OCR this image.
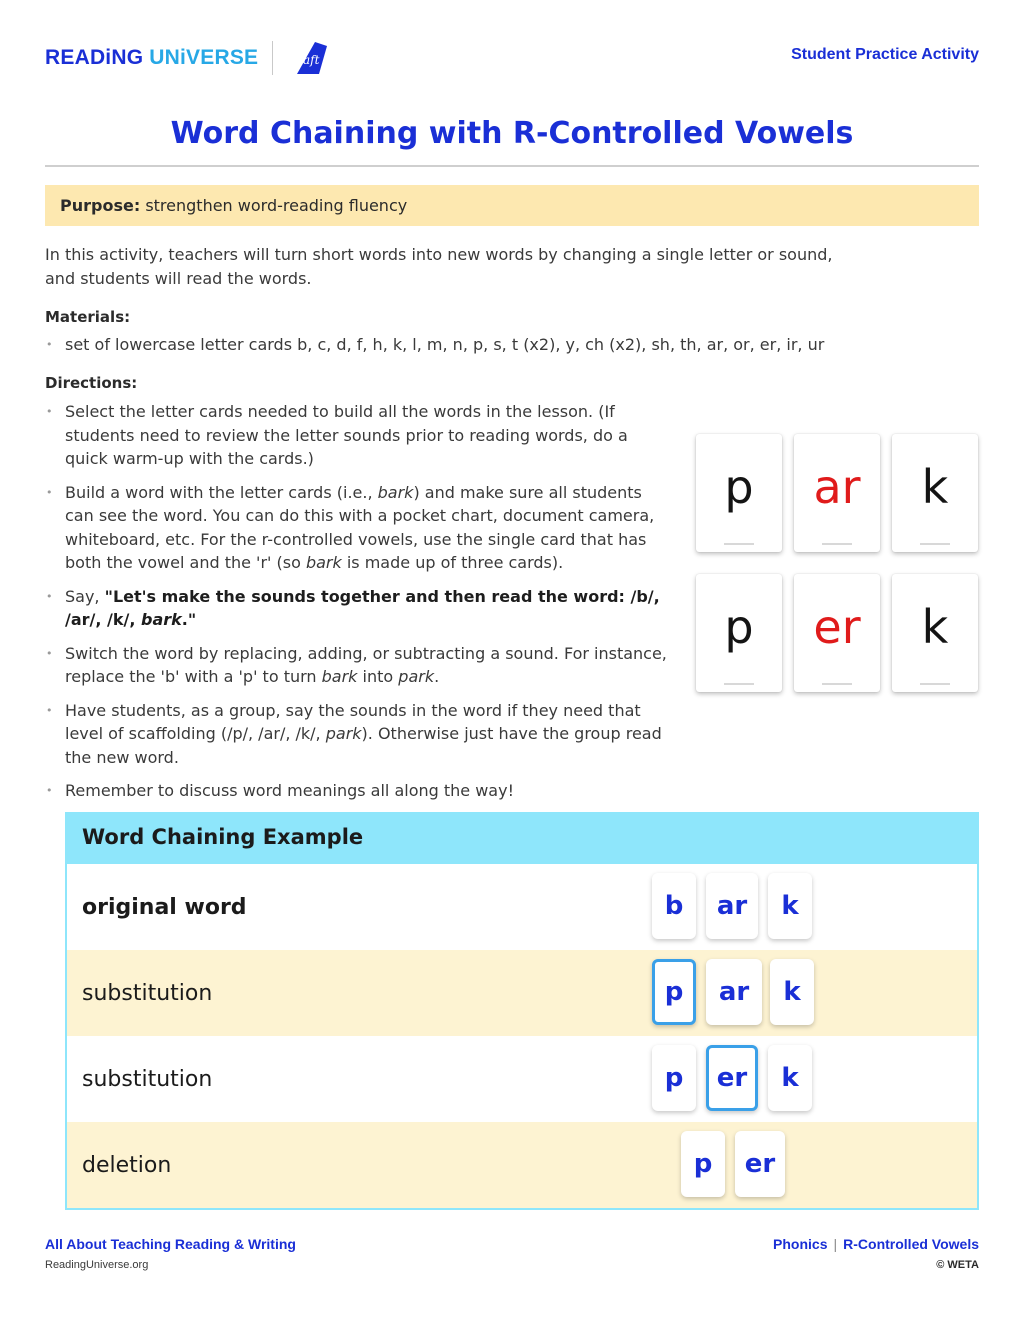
READiNG UNiVERSE	aft	Student Practice Activity
Word Chaining with R-Controlled Vowels
Purpose: strengthen word-reading fluency

In this activity, teachers will turn short words into new words by changing a single letter or sound, and students will read the words.

Materials:
• set of lowercase letter cards b, c, d, f, h, k, l, m, n, p, s, t (x2), y, ch (x2), sh, th, ar, or, er, ir, ur
Directions:
• Select the letter cards needed to build all the words in the lesson. (If students need to review the letter sounds prior to reading words, do a quick warm-up with the cards.)
• Build a word with the letter cards (i.e., bark) and make sure all students can see the word. You can do this with a pocket chart, document camera, whiteboard, etc. For the r-controlled vowels, use the single card that has both the vowel and the 'r' (so bark is made up of three cards).
• Say, "Let's make the sounds together and then read the word: /b/, /ar/, /k/, bark."
• Switch the word by replacing, adding, or subtracting a sound. For instance, replace the 'b' with a 'p' to turn bark into park.
• Have students, as a group, say the sounds in the word if they need that level of scaffolding (/p/, /ar/, /k/, park). Otherwise just have the group read the new word.
• Remember to discuss word meanings all along the way!
p ar k
p er k
Word Chaining Example
original word	b	ar	k
substitution	p	ar	k
substitution	p	er	k
deletion	p	er
All About Teaching Reading & Writing
ReadingUniverse.org
Phonics | R-Controlled Vowels
© WETA
